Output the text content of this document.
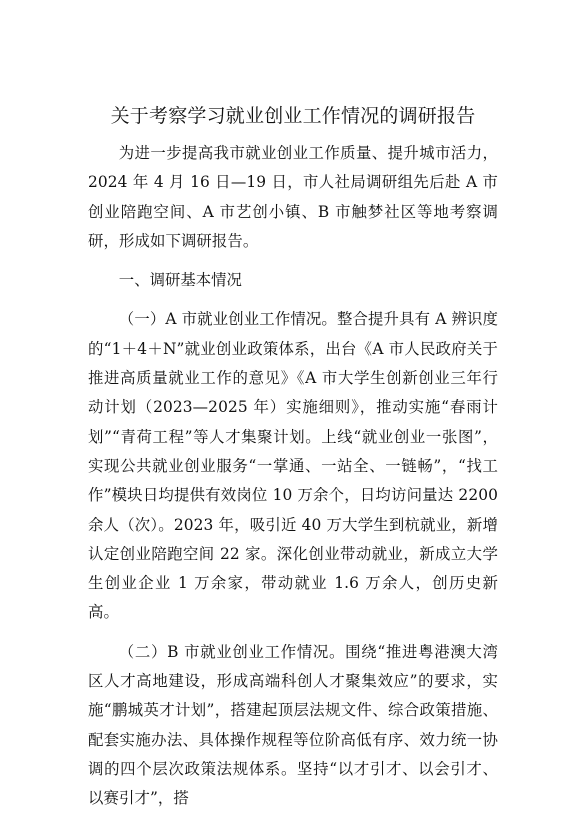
关于考察学习就业创业工作情况的调研报告

为进一步提高我市就业创业工作质量、提升城市活力，2024 年 4 月 16 日—19 日，市人社局调研组先后赴 A 市创业陪跑空间、A 市艺创小镇、B 市触梦社区等地考察调研，形成如下调研报告。

一、调研基本情况

（一）A 市就业创业工作情况。整合提升具有 A 辨识度的“1＋4＋N”就业创业政策体系，出台《A 市人民政府关于推进高质量就业工作的意见》《A 市大学生创新创业三年行动计划（2023—2025 年）实施细则》，推动实施“春雨计划”“青荷工程”等人才集聚计划。上线“就业创业一张图”，实现公共就业创业服务“一掌通、一站全、一链畅”，“找工作”模块日均提供有效岗位 10 万余个，日均访问量达 2200 余人（次）。2023 年，吸引近 40 万大学生到杭就业，新增认定创业陪跑空间 22 家。深化创业带动就业，新成立大学生创业企业 1 万余家，带动就业 1.6 万余人，创历史新高。

（二）B 市就业创业工作情况。围绕“推进粤港澳大湾区人才高地建设，形成高端科创人才聚集效应”的要求，实施“鹏城英才计划”，搭建起顶层法规文件、综合政策措施、配套实施办法、具体操作规程等位阶高低有序、效力统一协调的四个层次政策法规体系。坚持“以才引才、以会引才、以赛引才”，搭
